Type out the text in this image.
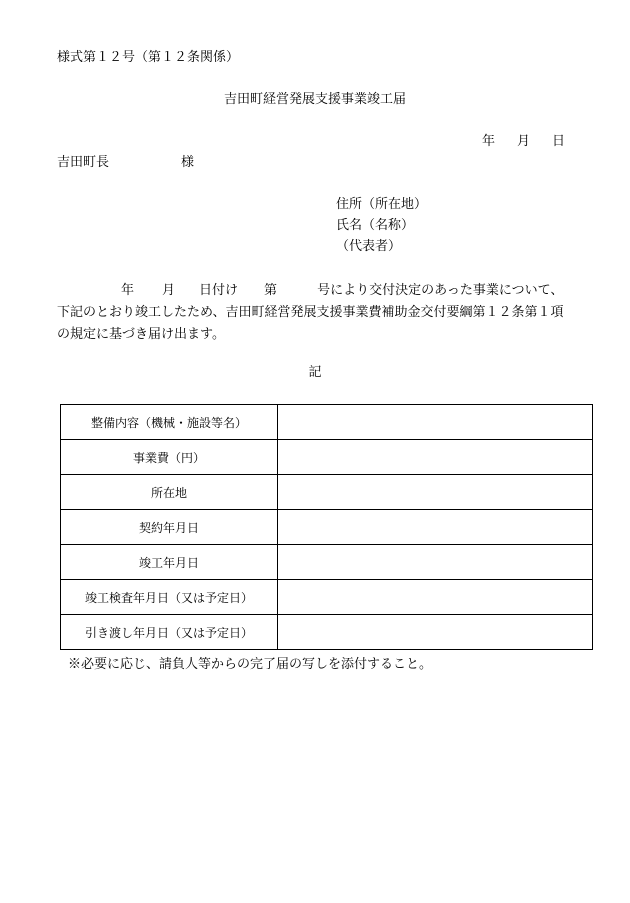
様式第１２号（第１２条関係）
吉田町経営発展支援事業竣工届
年 月 日
吉田町長	様
住所（所在地）
氏名（名称）
（代表者）
年 月 日付け 第	号により交付決定のあった事業について、
下記のとおり竣工したため、吉田町経営発展支援事業費補助金交付要綱第１２条第１項
の規定に基づき届け出ます。
記
整備内容（機械・施設等名）	
事業費（円）	
所在地	
契約年月日	
竣工年月日	
竣工検査年月日（又は予定日）	
引き渡し年月日（又は予定日）	
※必要に応じ、請負人等からの完了届の写しを添付すること。
